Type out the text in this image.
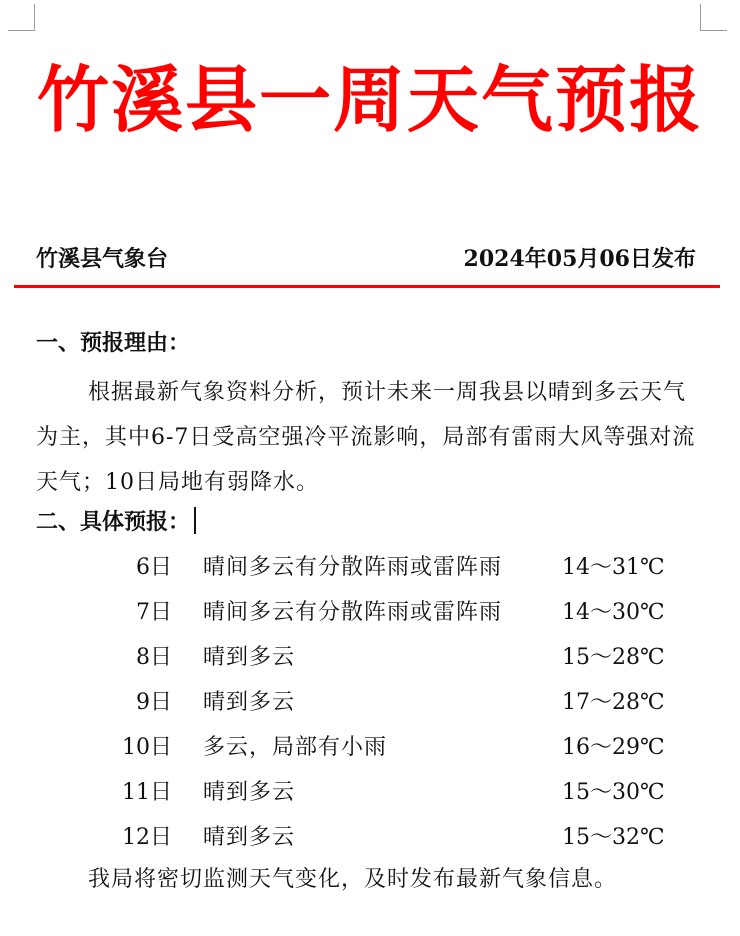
竹溪县一周天气预报
竹溪县气象台	2024年05月06日发布
一、预报理由：
根据最新气象资料分析，预计未来一周我县以晴到多云天气为主，其中6-7日受高空强冷平流影响，局部有雷雨大风等强对流天气；10日局地有弱降水。
二、具体预报：
6日 晴间多云有分散阵雨或雷阵雨	14～31℃
7日 晴间多云有分散阵雨或雷阵雨	14～30℃
8日 晴到多云	15～28℃
9日 晴到多云	17～28℃
10日 多云，局部有小雨	16～29℃
11日 晴到多云	15～30℃
12日 晴到多云	15～32℃
我局将密切监测天气变化，及时发布最新气象信息。
